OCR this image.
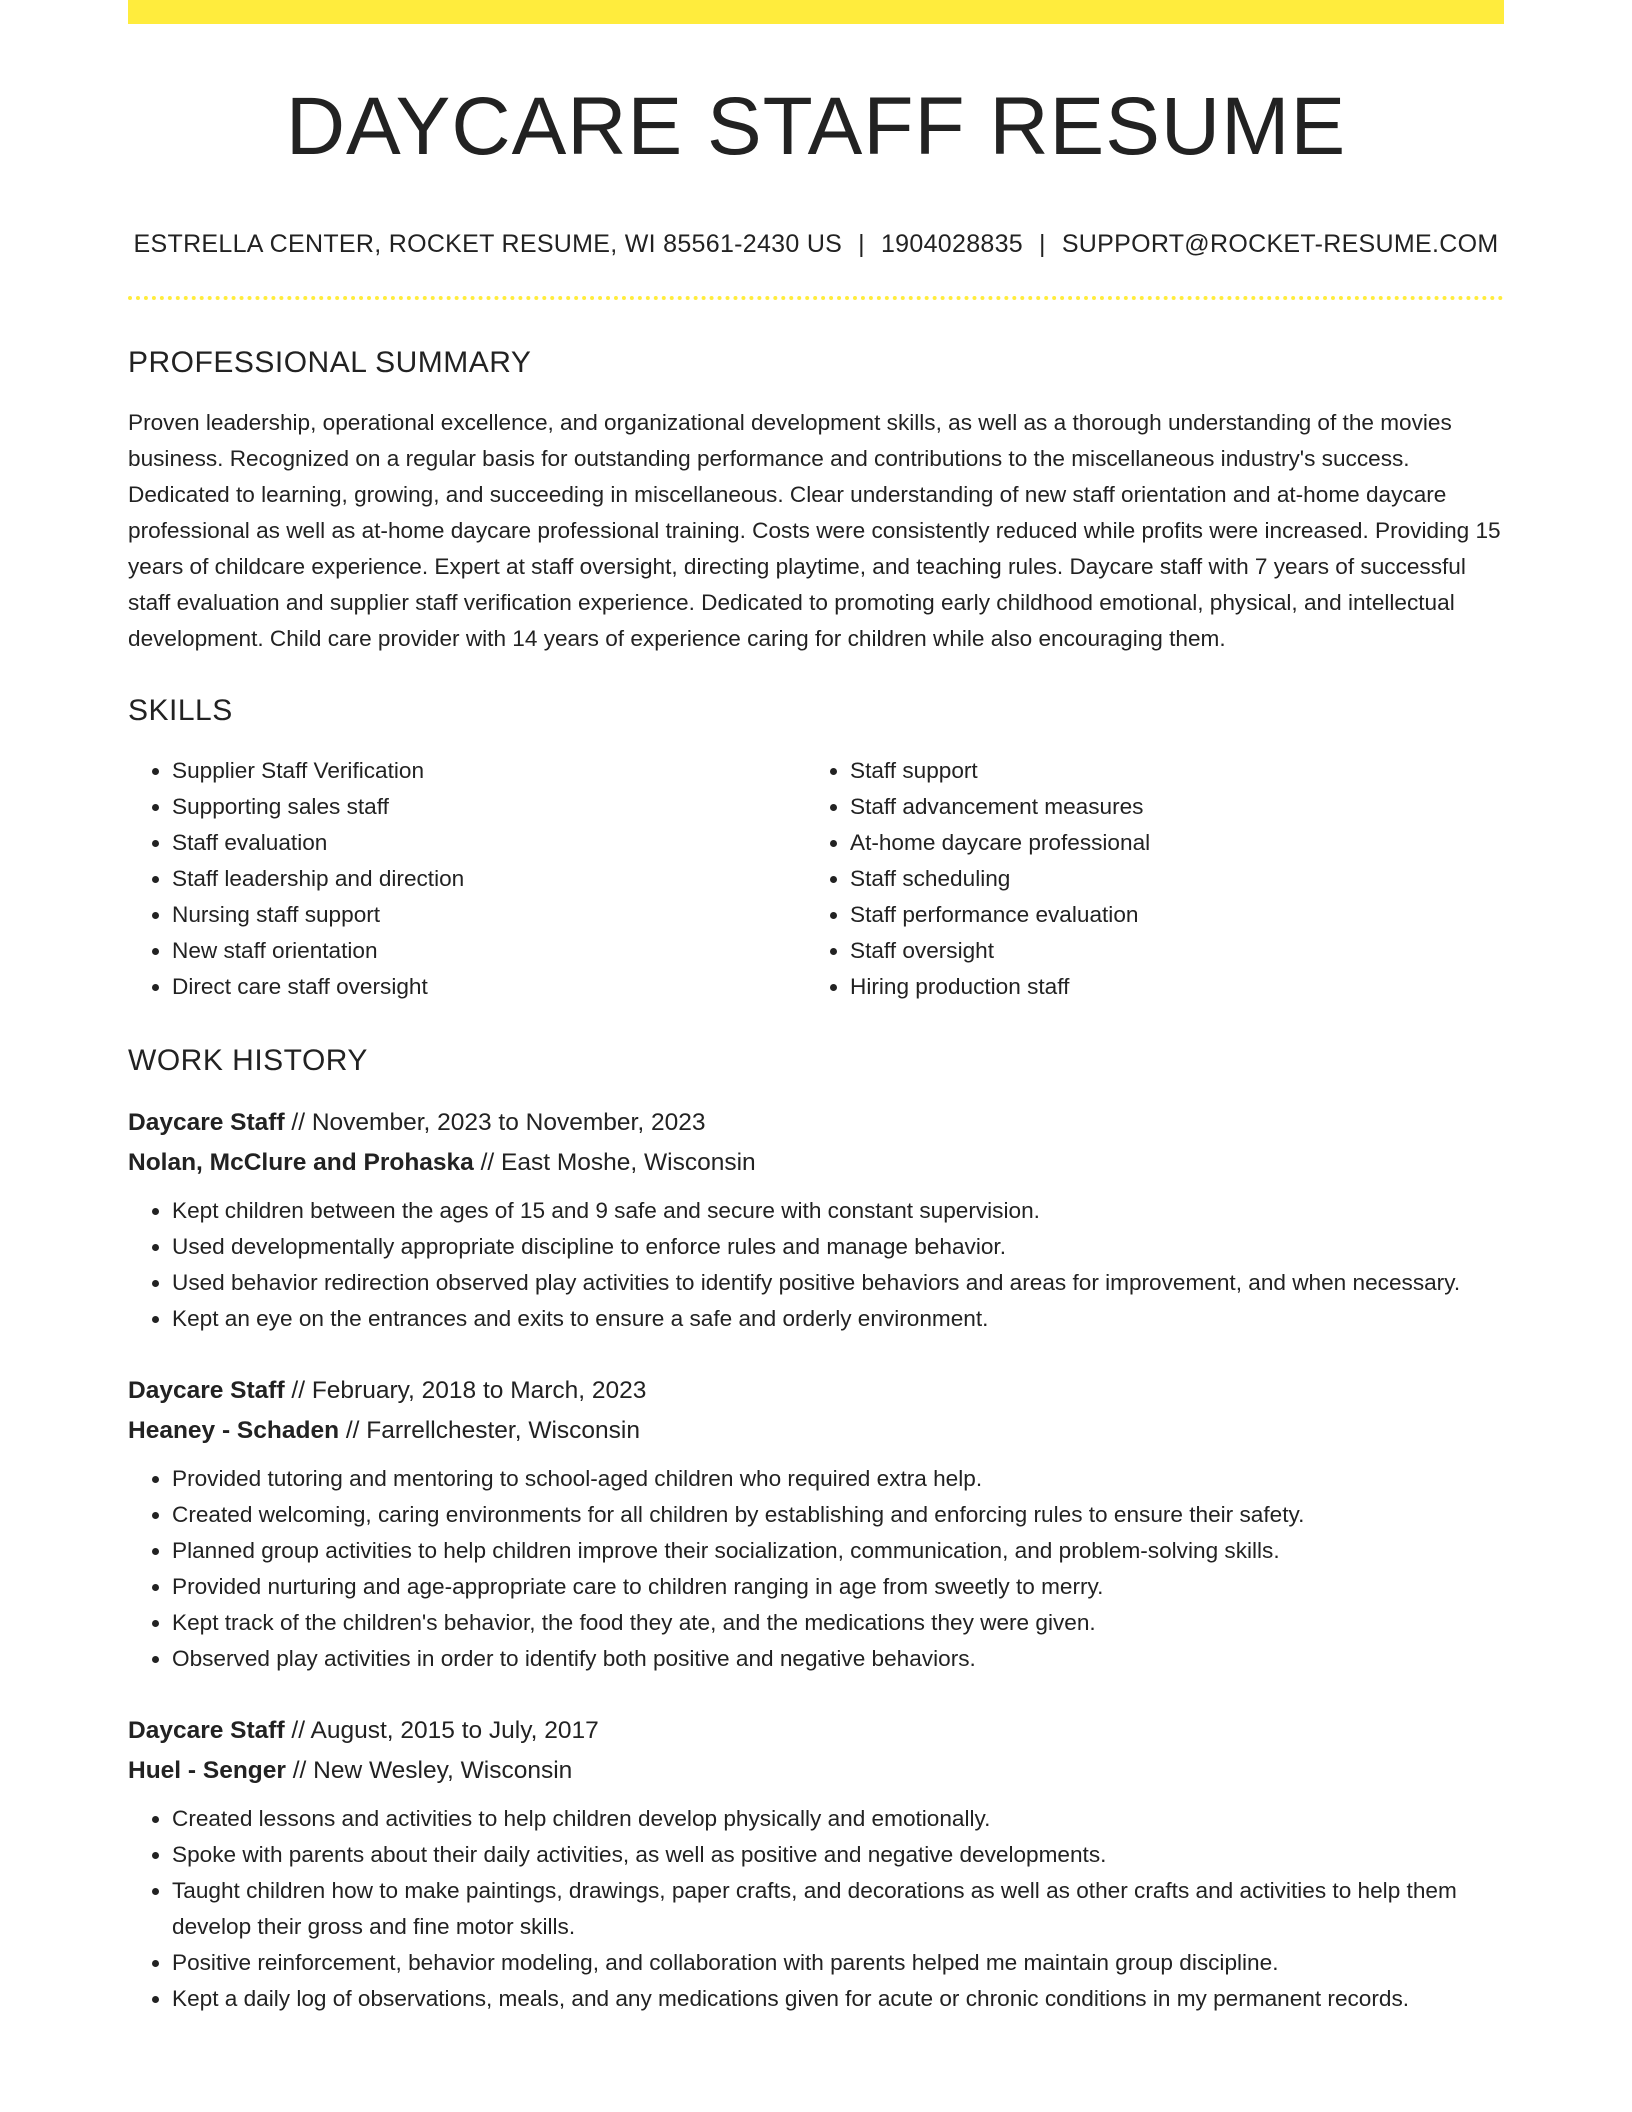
DAYCARE STAFF RESUME
ESTRELLA CENTER, ROCKET RESUME, WI 85561-2430 US | 1904028835 | SUPPORT@ROCKET-RESUME.COM
PROFESSIONAL SUMMARY

Proven leadership, operational excellence, and organizational development skills, as well as a thorough understanding of the movies business. Recognized on a regular basis for outstanding performance and contributions to the miscellaneous industry's success. Dedicated to learning, growing, and succeeding in miscellaneous. Clear understanding of new staff orientation and at-home daycare professional as well as at-home daycare professional training. Costs were consistently reduced while profits were increased. Providing 15 years of childcare experience. Expert at staff oversight, directing playtime, and teaching rules. Daycare staff with 7 years of successful staff evaluation and supplier staff verification experience. Dedicated to promoting early childhood emotional, physical, and intellectual development. Child care provider with 14 years of experience caring for children while also encouraging them.

SKILLS
• Supplier Staff Verification
• Supporting sales staff
• Staff evaluation
• Staff leadership and direction
• Nursing staff support
• New staff orientation
• Direct care staff oversight
• Staff support
• Staff advancement measures
• At-home daycare professional
• Staff scheduling
• Staff performance evaluation
• Staff oversight
• Hiring production staff
WORK HISTORY
Daycare Staff // November, 2023 to November, 2023
Nolan, McClure and Prohaska // East Moshe, Wisconsin
• Kept children between the ages of 15 and 9 safe and secure with constant supervision.
• Used developmentally appropriate discipline to enforce rules and manage behavior.
• Used behavior redirection observed play activities to identify positive behaviors and areas for improvement, and when necessary.
• Kept an eye on the entrances and exits to ensure a safe and orderly environment.
Daycare Staff // February, 2018 to March, 2023
Heaney - Schaden // Farrellchester, Wisconsin
• Provided tutoring and mentoring to school-aged children who required extra help.
• Created welcoming, caring environments for all children by establishing and enforcing rules to ensure their safety.
• Planned group activities to help children improve their socialization, communication, and problem-solving skills.
• Provided nurturing and age-appropriate care to children ranging in age from sweetly to merry.
• Kept track of the children's behavior, the food they ate, and the medications they were given.
• Observed play activities in order to identify both positive and negative behaviors.
Daycare Staff // August, 2015 to July, 2017
Huel - Senger // New Wesley, Wisconsin
• Created lessons and activities to help children develop physically and emotionally.
• Spoke with parents about their daily activities, as well as positive and negative developments.
• Taught children how to make paintings, drawings, paper crafts, and decorations as well as other crafts and activities to help them develop their gross and fine motor skills.
• Positive reinforcement, behavior modeling, and collaboration with parents helped me maintain group discipline.
• Kept a daily log of observations, meals, and any medications given for acute or chronic conditions in my permanent records.
